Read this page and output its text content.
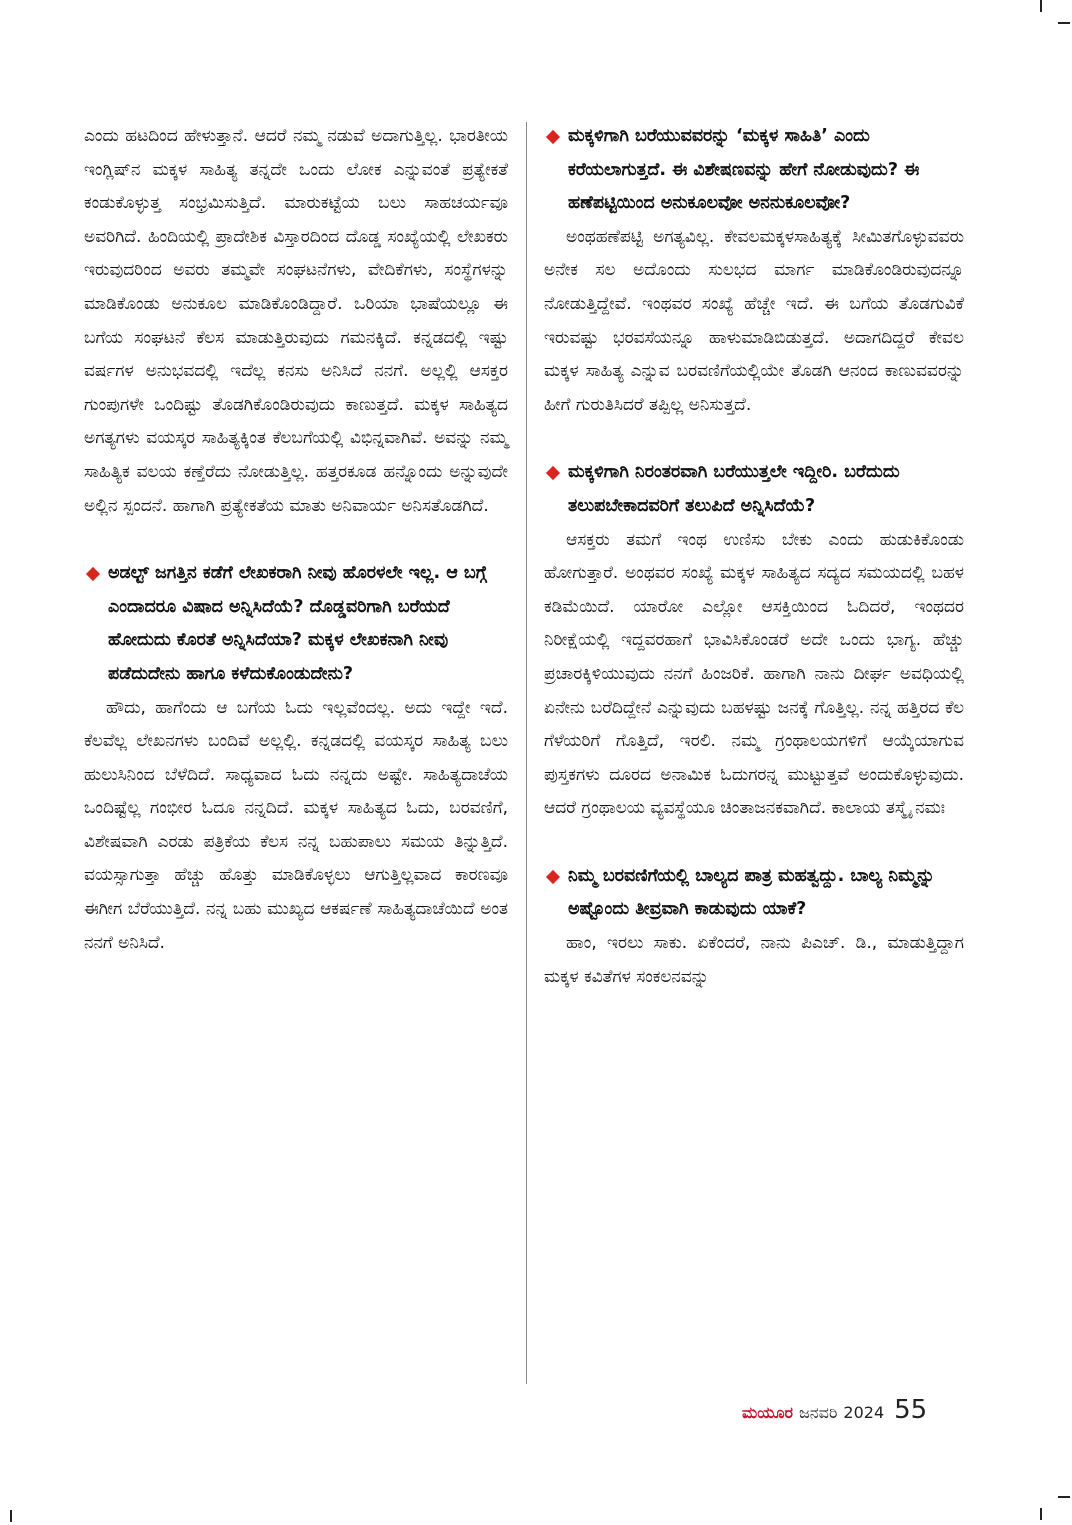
ಎಂದು ಹಟದಿಂದ ಹೇಳುತ್ತಾನೆ. ಆದರೆ ನಮ್ಮ ನಡುವೆ ಅದಾಗುತ್ತಿಲ್ಲ. ಭಾರತೀಯ ಇಂಗ್ಲಿಷ್‌ನ ಮಕ್ಕಳ ಸಾಹಿತ್ಯ ತನ್ನದೇ ಒಂದು ಲೋಕ ಎನ್ನುವಂತೆ ಪ್ರತ್ಯೇಕತೆ ಕಂಡುಕೊಳ್ಳುತ್ತ ಸಂಭ್ರಮಿಸುತ್ತಿದೆ. ಮಾರುಕಟ್ಟೆಯ ಬಲು ಸಾಹಚರ್ಯವೂ ಅವರಿಗಿದೆ. ಹಿಂದಿಯಲ್ಲಿ ಪ್ರಾದೇಶಿಕ ವಿಸ್ತಾರದಿಂದ ದೊಡ್ಡ ಸಂಖ್ಯೆಯಲ್ಲಿ ಲೇಖಕರು ಇರುವುದರಿಂದ ಅವರು ತಮ್ಮವೇ ಸಂಘಟನೆಗಳು, ವೇದಿಕೆಗಳು, ಸಂಸ್ಥೆಗಳನ್ನು ಮಾಡಿಕೊಂಡು ಅನುಕೂಲ ಮಾಡಿಕೊಂಡಿದ್ದಾರೆ. ಒರಿಯಾ ಭಾಷೆಯಲ್ಲೂ ಈ ಬಗೆಯ ಸಂಘಟನೆ ಕೆಲಸ ಮಾಡುತ್ತಿರುವುದು ಗಮನಕ್ಕಿದೆ. ಕನ್ನಡದಲ್ಲಿ ಇಷ್ಟು ವರ್ಷಗಳ ಅನುಭವದಲ್ಲಿ ಇದೆಲ್ಲ ಕನಸು ಅನಿಸಿದೆ ನನಗೆ. ಅಲ್ಲಲ್ಲಿ ಆಸಕ್ತರ ಗುಂಪುಗಳೇ ಒಂದಿಷ್ಟು ತೊಡಗಿಕೊಂಡಿರುವುದು ಕಾಣುತ್ತದೆ. ಮಕ್ಕಳ ಸಾಹಿತ್ಯದ ಅಗತ್ಯಗಳು ವಯಸ್ಕರ ಸಾಹಿತ್ಯಕ್ಕಿಂತ ಕೆಲಬಗೆಯಲ್ಲಿ ವಿಭಿನ್ನವಾಗಿವೆ. ಅವನ್ನು ನಮ್ಮ ಸಾಹಿತ್ಯಿಕ ವಲಯ ಕಣ್ತೆರೆದು ನೋಡುತ್ತಿಲ್ಲ. ಹತ್ತರಕೂಡ ಹನ್ನೊಂದು ಅನ್ನುವುದೇ ಅಲ್ಲಿನ ಸ್ಪಂದನೆ. ಹಾಗಾಗಿ ಪ್ರತ್ಯೇಕತೆಯ ಮಾತು ಅನಿವಾರ್ಯ ಅನಿಸತೊಡಗಿದೆ.

ಅಡಲ್ಟ್ ಜಗತ್ತಿನ ಕಡೆಗೆ ಲೇಖಕರಾಗಿ ನೀವು ಹೊರಳಲೇ ಇಲ್ಲ. ಆ ಬಗ್ಗೆ ಎಂದಾದರೂ ವಿಷಾದ ಅನ್ನಿಸಿದೆಯೆ? ದೊಡ್ಡವರಿಗಾಗಿ ಬರೆಯದೆ ಹೋದುದು ಕೊರತೆ ಅನ್ನಿಸಿದೆಯಾ? ಮಕ್ಕಳ ಲೇಖಕನಾಗಿ ನೀವು ಪಡೆದುದೇನು ಹಾಗೂ ಕಳೆದುಕೊಂಡುದೇನು?

ಹೌದು, ಹಾಗೆಂದು ಆ ಬಗೆಯ ಓದು ಇಲ್ಲವೆಂದಲ್ಲ. ಅದು ಇದ್ದೇ ಇದೆ. ಕೆಲವೆಲ್ಲ ಲೇಖನಗಳು ಬಂದಿವೆ ಅಲ್ಲಲ್ಲಿ. ಕನ್ನಡದಲ್ಲಿ ವಯಸ್ಕರ ಸಾಹಿತ್ಯ ಬಲು ಹುಲುಸಿನಿಂದ ಬೆಳೆದಿದೆ. ಸಾಧ್ಯವಾದ ಓದು ನನ್ನದು ಅಷ್ಟೇ. ಸಾಹಿತ್ಯದಾಚೆಯ ಒಂದಿಷ್ಟೆಲ್ಲ ಗಂಭೀರ ಓದೂ ನನ್ನದಿದೆ. ಮಕ್ಕಳ ಸಾಹಿತ್ಯದ ಓದು, ಬರವಣಿಗೆ, ವಿಶೇಷವಾಗಿ ಎರಡು ಪತ್ರಿಕೆಯ ಕೆಲಸ ನನ್ನ ಬಹುಪಾಲು ಸಮಯ ತಿನ್ನುತ್ತಿದೆ. ವಯಸ್ಸಾಗುತ್ತಾ ಹೆಚ್ಚು ಹೊತ್ತು ಮಾಡಿಕೊಳ್ಳಲು ಆಗುತ್ತಿಲ್ಲವಾದ ಕಾರಣವೂ ಈಗೀಗ ಬೆರೆಯುತ್ತಿದೆ. ನನ್ನ ಬಹು ಮುಖ್ಯದ ಆಕರ್ಷಣೆ ಸಾಹಿತ್ಯದಾಚೆಯಿದೆ ಅಂತ ನನಗೆ ಅನಿಸಿದೆ.

ಮಕ್ಕಳಿಗಾಗಿ ಬರೆಯುವವರನ್ನು ‘ಮಕ್ಕಳ ಸಾಹಿತಿ’ ಎಂದು ಕರೆಯಲಾಗುತ್ತದೆ. ಈ ವಿಶೇಷಣವನ್ನು ಹೇಗೆ ನೋಡುವುದು? ಈ ಹಣೆಪಟ್ಟಿಯಿಂದ ಅನುಕೂಲವೋ ಅನನುಕೂಲವೋ?

ಅಂಥಹಣೆಪಟ್ಟಿ ಅಗತ್ಯವಿಲ್ಲ. ಕೇವಲಮಕ್ಕಳಸಾಹಿತ್ಯಕ್ಕೆ ಸೀಮಿತಗೊಳ್ಳುವವರು ಅನೇಕ ಸಲ ಅದೊಂದು ಸುಲಭದ ಮಾರ್ಗ ಮಾಡಿಕೊಂಡಿರುವುದನ್ನೂ ನೋಡುತ್ತಿದ್ದೇವೆ. ಇಂಥವರ ಸಂಖ್ಯೆ ಹೆಚ್ಚೇ ಇದೆ. ಈ ಬಗೆಯ ತೊಡಗುವಿಕೆ ಇರುವಷ್ಟು ಭರವಸೆಯನ್ನೂ ಹಾಳುಮಾಡಿಬಿಡುತ್ತದೆ. ಅದಾಗದಿದ್ದರೆ ಕೇವಲ ಮಕ್ಕಳ ಸಾಹಿತ್ಯ ಎನ್ನುವ ಬರವಣಿಗೆಯಲ್ಲಿಯೇ ತೊಡಗಿ ಆನಂದ ಕಾಣುವವರನ್ನು ಹೀಗೆ ಗುರುತಿಸಿದರೆ ತಪ್ಪಿಲ್ಲ ಅನಿಸುತ್ತದೆ.

ಮಕ್ಕಳಿಗಾಗಿ ನಿರಂತರವಾಗಿ ಬರೆಯುತ್ತಲೇ ಇದ್ದೀರಿ. ಬರೆದುದು ತಲುಪಬೇಕಾದವರಿಗೆ ತಲುಪಿದೆ ಅನ್ನಿಸಿದೆಯೆ?

ಆಸಕ್ತರು ತಮಗೆ ಇಂಥ ಉಣಿಸು ಬೇಕು ಎಂದು ಹುಡುಕಿಕೊಂಡು ಹೋಗುತ್ತಾರೆ. ಅಂಥವರ ಸಂಖ್ಯೆ ಮಕ್ಕಳ ಸಾಹಿತ್ಯದ ಸದ್ಯದ ಸಮಯದಲ್ಲಿ ಬಹಳ ಕಡಿಮೆಯಿದೆ. ಯಾರೋ ಎಲ್ಲೋ ಆಸಕ್ತಿಯಿಂದ ಓದಿದರೆ, ಇಂಥದರ ನಿರೀಕ್ಷೆಯಲ್ಲಿ ಇದ್ದವರಹಾಗೆ ಭಾವಿಸಿಕೊಂಡರೆ ಅದೇ ಒಂದು ಭಾಗ್ಯ. ಹೆಚ್ಚು ಪ್ರಚಾರಕ್ಕಿಳಿಯುವುದು ನನಗೆ ಹಿಂಜರಿಕೆ. ಹಾಗಾಗಿ ನಾನು ದೀರ್ಘ ಅವಧಿಯಲ್ಲಿ ಏನೇನು ಬರೆದಿದ್ದೇನೆ ಎನ್ನುವುದು ಬಹಳಷ್ಟು ಜನಕ್ಕೆ ಗೊತ್ತಿಲ್ಲ. ನನ್ನ ಹತ್ತಿರದ ಕೆಲ ಗೆಳೆಯರಿಗೆ ಗೊತ್ತಿದೆ, ಇರಲಿ. ನಮ್ಮ ಗ್ರಂಥಾಲಯಗಳಿಗೆ ಆಯ್ಕೆಯಾಗುವ ಪುಸ್ತಕಗಳು ದೂರದ ಅನಾಮಿಕ ಓದುಗರನ್ನ ಮುಟ್ಟುತ್ತವೆ ಅಂದುಕೊಳ್ಳುವುದು. ಆದರೆ ಗ್ರಂಥಾಲಯ ವ್ಯವಸ್ಥೆಯೂ ಚಿಂತಾಜನಕವಾಗಿದೆ. ಕಾಲಾಯ ತಸ್ಮೈ ನಮಃ

ನಿಮ್ಮ ಬರವಣಿಗೆಯಲ್ಲಿ ಬಾಲ್ಯದ ಪಾತ್ರ ಮಹತ್ವದ್ದು. ಬಾಲ್ಯ ನಿಮ್ಮನ್ನು ಅಷ್ಟೊಂದು ತೀವ್ರವಾಗಿ ಕಾಡುವುದು ಯಾಕೆ?

ಹಾಂ, ಇರಲು ಸಾಕು. ಏಕೆಂದರೆ, ನಾನು ಪಿಎಚ್. ಡಿ., ಮಾಡುತ್ತಿದ್ದಾಗ ಮಕ್ಕಳ ಕವಿತೆಗಳ ಸಂಕಲನವನ್ನು

ಮಯೂರ ಜನವರಿ 2024 55
